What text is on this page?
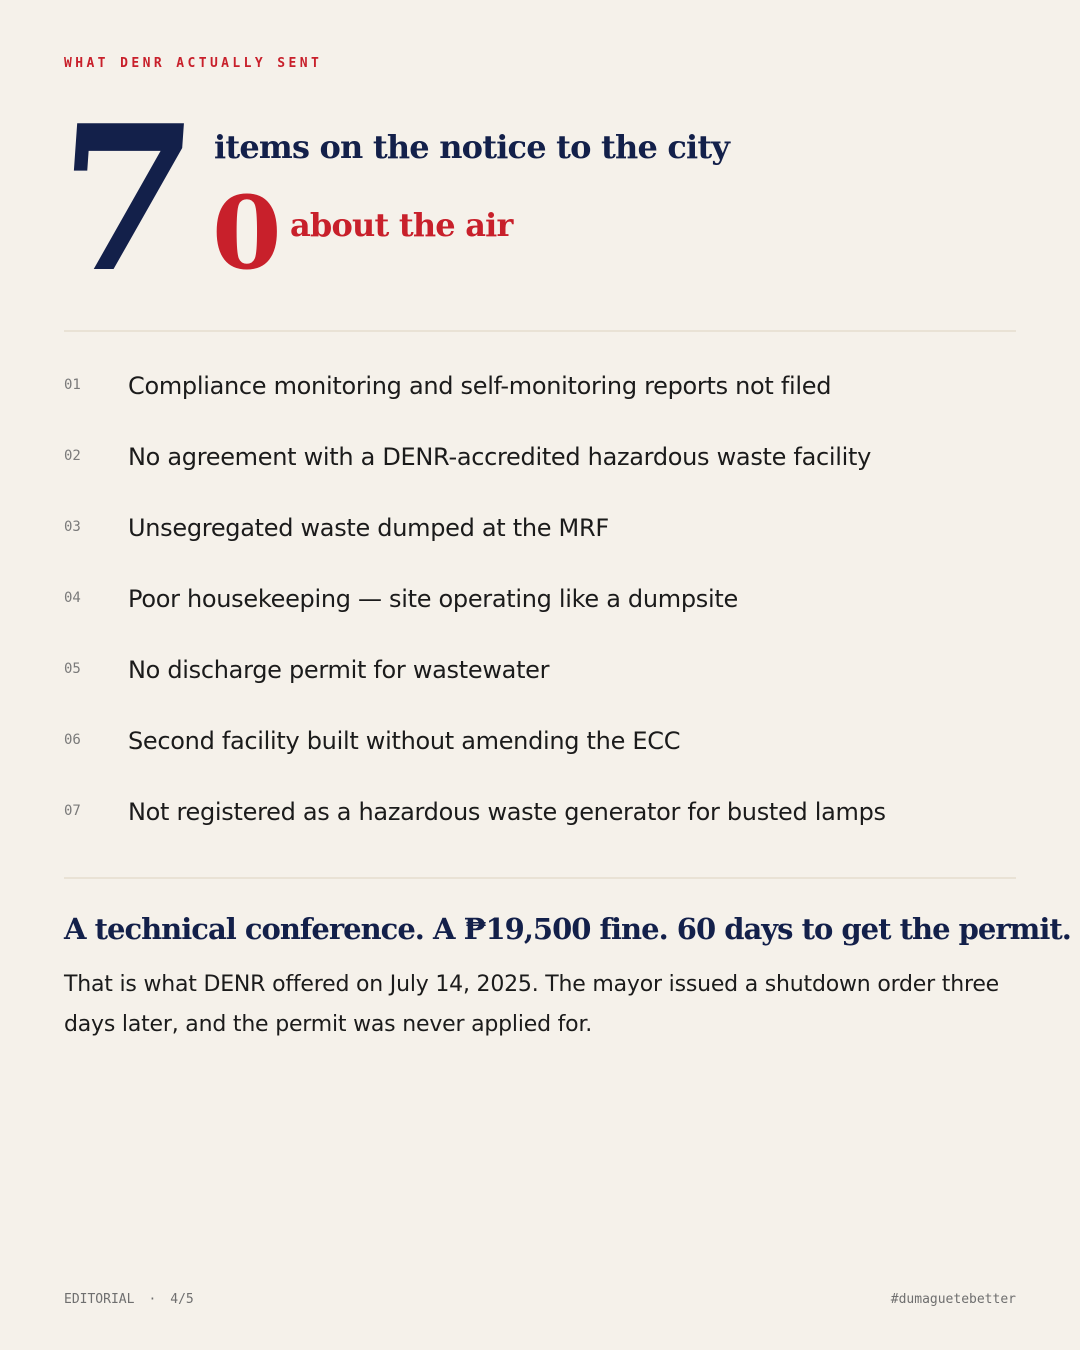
WHAT DENR ACTUALLY SENT

7 items on the notice to the city

0 about the air

01 Compliance monitoring and self-monitoring reports not filed
02 No agreement with a DENR-accredited hazardous waste facility
03 Unsegregated waste dumped at the MRF
04 Poor housekeeping — site operating like a dumpsite
05 No discharge permit for wastewater
06 Second facility built without amending the ECC
07 Not registered as a hazardous waste generator for busted lamps
A technical conference. A ₱19,500 fine. 60 days to get the permit.

That is what DENR offered on July 14, 2025. The mayor issued a shutdown order three days later, and the permit was never applied for.

EDITORIAL · 4/5	#dumaguetebetter
